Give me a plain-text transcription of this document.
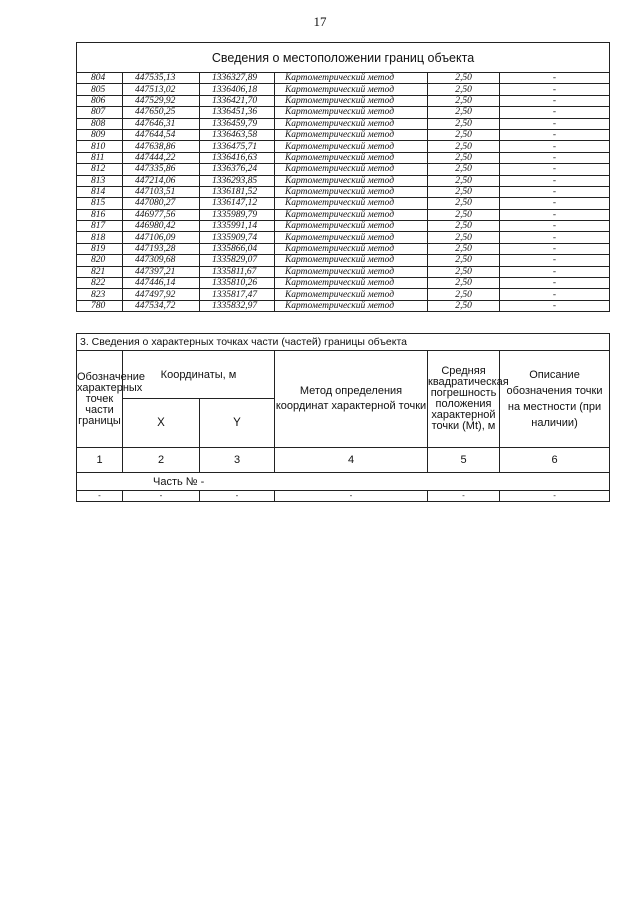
17
Сведения о местоположении границ объекта					
804	447535,13	1336327,89	Картометрический метод	2,50	-
805	447513,02	1336406,18	Картометрический метод	2,50	-
806	447529,92	1336421,70	Картометрический метод	2,50	-
807	447650,25	1336451,36	Картометрический метод	2,50	-
808	447646,31	1336459,79	Картометрический метод	2,50	-
809	447644,54	1336463,58	Картометрический метод	2,50	-
810	447638,86	1336475,71	Картометрический метод	2,50	-
811	447444,22	1336416,63	Картометрический метод	2,50	-
812	447335,86	1336376,24	Картометрический метод	2,50	-
813	447214,06	1336293,85	Картометрический метод	2,50	-
814	447103,51	1336181,52	Картометрический метод	2,50	-
815	447080,27	1336147,12	Картометрический метод	2,50	-
816	446977,56	1335989,79	Картометрический метод	2,50	-
817	446980,42	1335991,14	Картометрический метод	2,50	-
818	447106,09	1335909,74	Картометрический метод	2,50	-
819	447193,28	1335866,04	Картометрический метод	2,50	-
820	447309,68	1335829,07	Картометрический метод	2,50	-
821	447397,21	1335811,67	Картометрический метод	2,50	-
822	447446,14	1335810,26	Картометрический метод	2,50	-
823	447497,92	1335817,47	Картометрический метод	2,50	-
780	447534,72	1335832,97	Картометрический метод	2,50	-
3. Сведения о характерных точках части (частей) границы объекта					
Обозначение характерных точек части границы	Координаты, м		Метод определения координат характерной точки	Средняя квадратическая погрешность положения характерной точки (Mt), м	Описание обозначения точки на местности (при наличии)
	X	Y			
1	2	3	4	5	6
Часть № -					
-	-	-	-	-	-
